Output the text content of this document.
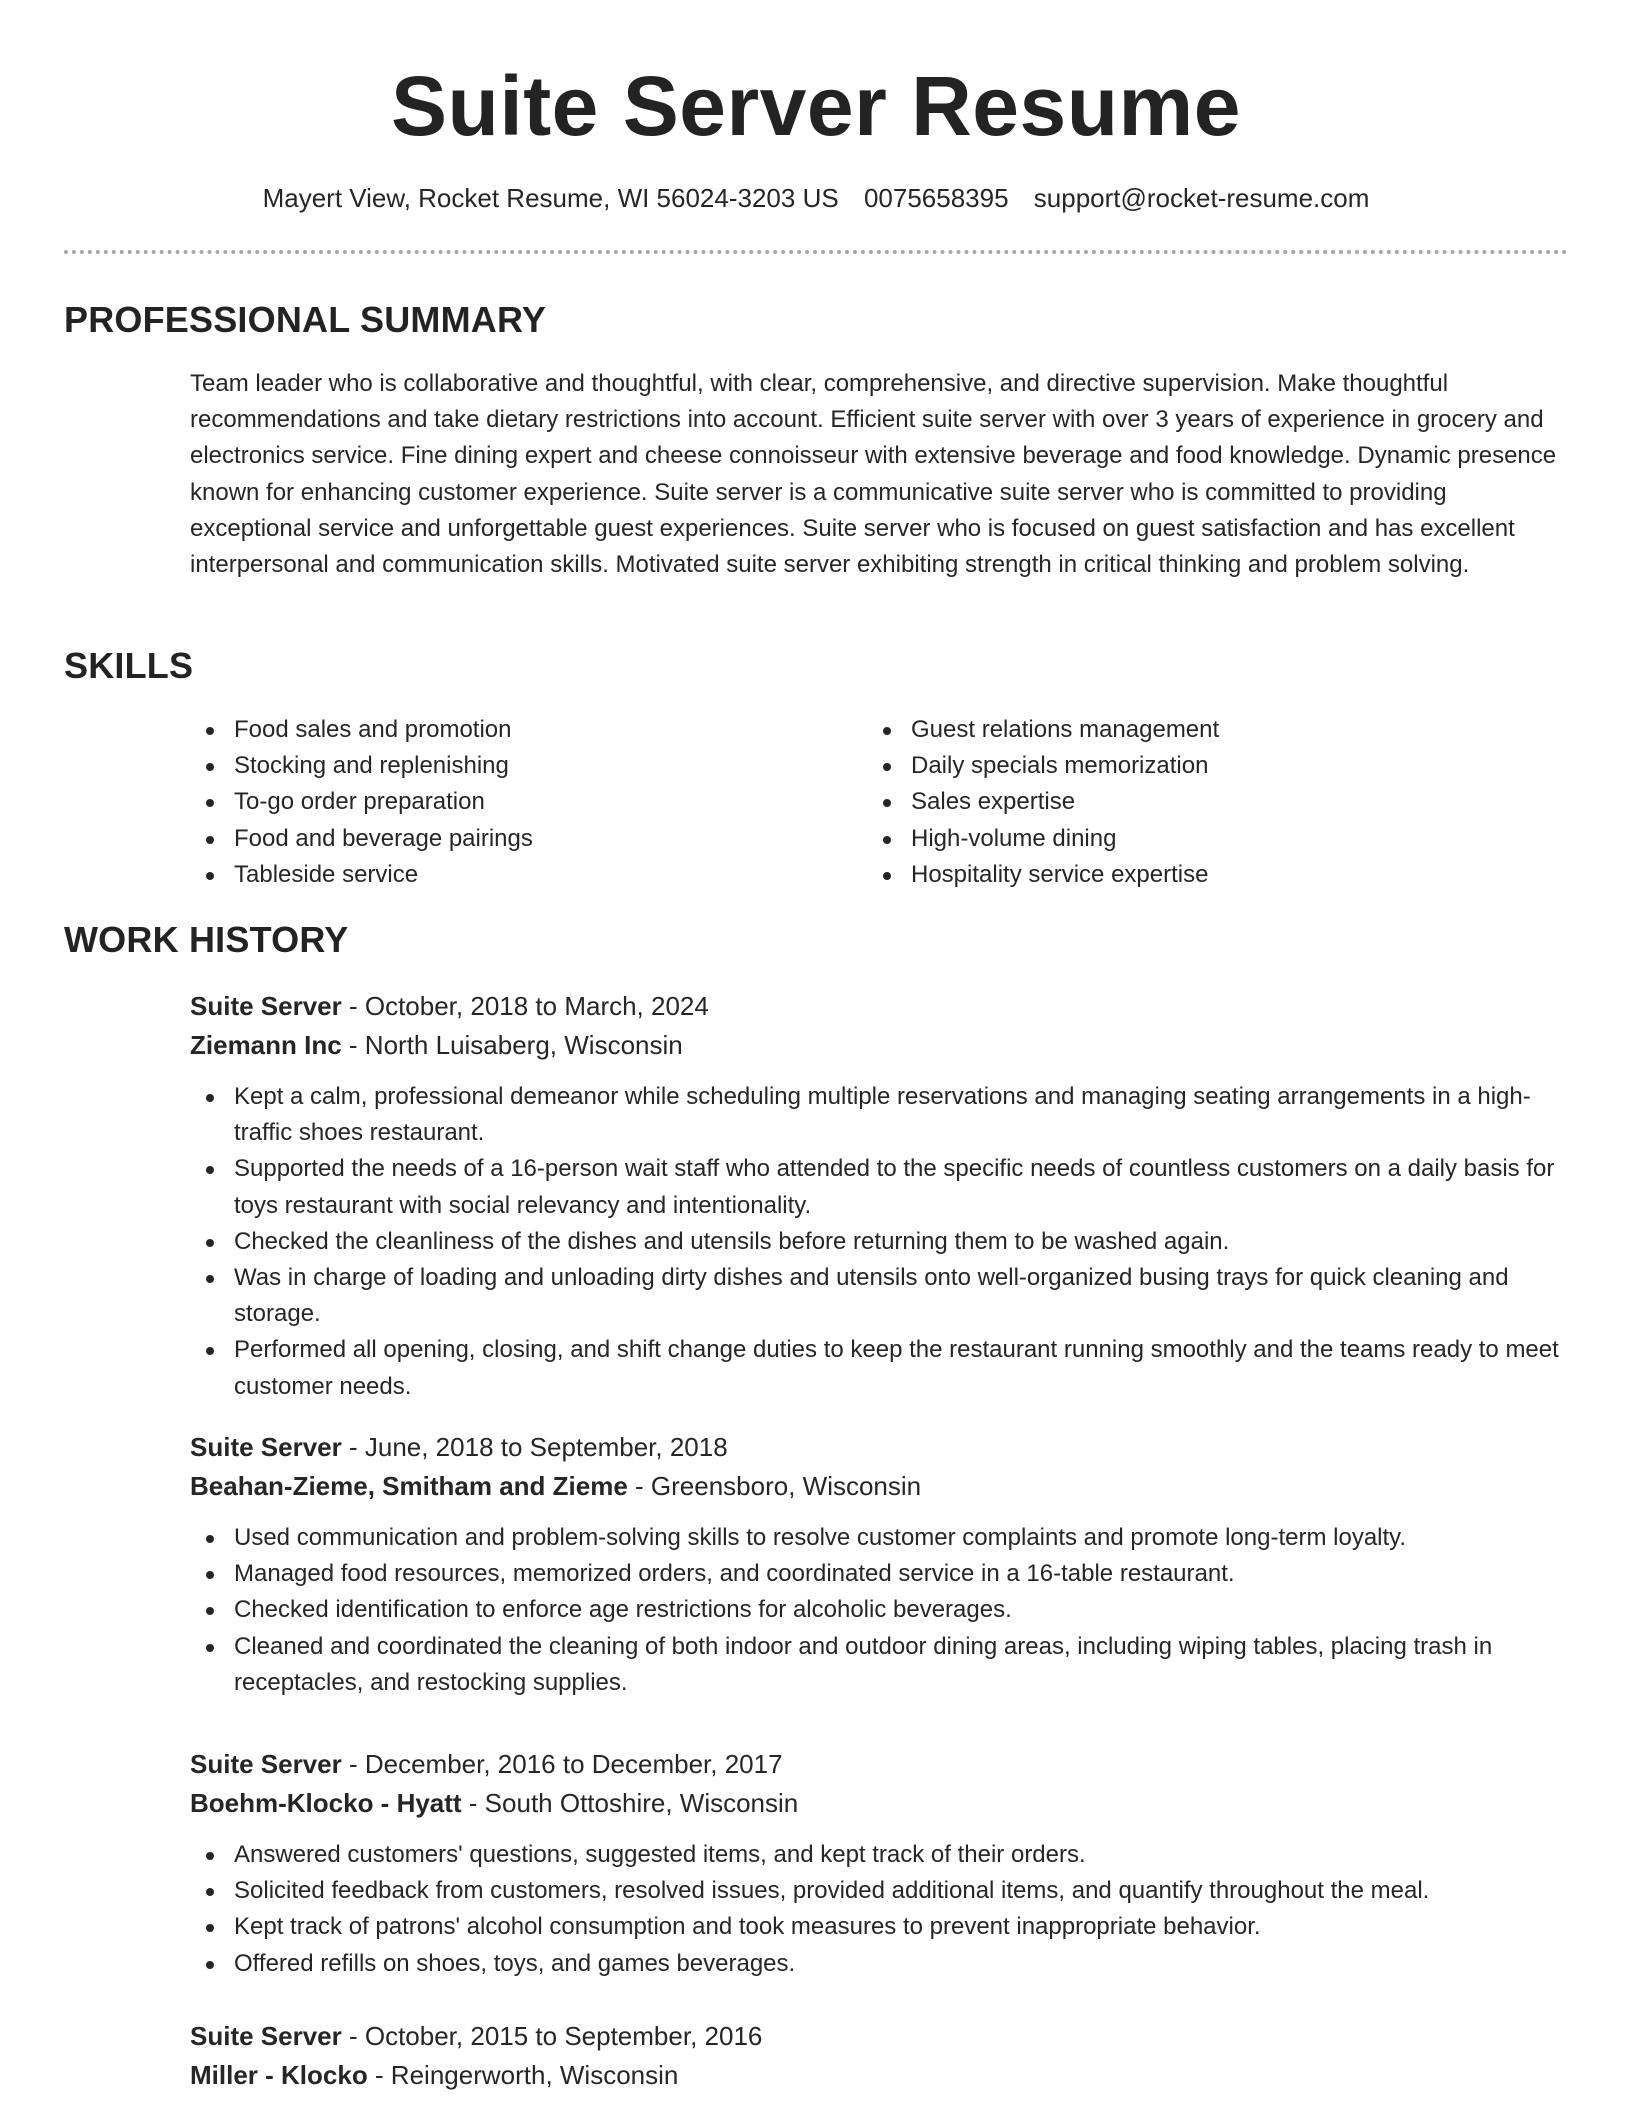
Suite Server Resume
Mayert View, Rocket Resume, WI 56024-3203 US 0075658395 support@rocket-resume.com
PROFESSIONAL SUMMARY

Team leader who is collaborative and thoughtful, with clear, comprehensive, and directive supervision. Make thoughtful recommendations and take dietary restrictions into account. Efficient suite server with over 3 years of experience in grocery and electronics service. Fine dining expert and cheese connoisseur with extensive beverage and food knowledge. Dynamic presence known for enhancing customer experience. Suite server is a communicative suite server who is committed to providing exceptional service and unforgettable guest experiences. Suite server who is focused on guest satisfaction and has excellent interpersonal and communication skills. Motivated suite server exhibiting strength in critical thinking and problem solving.

SKILLS
Food sales and promotion
Stocking and replenishing
To-go order preparation
Food and beverage pairings
Tableside service
Guest relations management
Daily specials memorization
Sales expertise
High-volume dining
Hospitality service expertise
WORK HISTORY
Suite Server - October, 2018 to March, 2024
Ziemann Inc - North Luisaberg, Wisconsin
Kept a calm, professional demeanor while scheduling multiple reservations and managing seating arrangements in a high-traffic shoes restaurant.
Supported the needs of a 16-person wait staff who attended to the specific needs of countless customers on a daily basis for toys restaurant with social relevancy and intentionality.
Checked the cleanliness of the dishes and utensils before returning them to be washed again.
Was in charge of loading and unloading dirty dishes and utensils onto well-organized busing trays for quick cleaning and storage.
Performed all opening, closing, and shift change duties to keep the restaurant running smoothly and the teams ready to meet customer needs.
Suite Server - June, 2018 to September, 2018
Beahan-Zieme, Smitham and Zieme - Greensboro, Wisconsin
Used communication and problem-solving skills to resolve customer complaints and promote long-term loyalty.
Managed food resources, memorized orders, and coordinated service in a 16-table restaurant.
Checked identification to enforce age restrictions for alcoholic beverages.
Cleaned and coordinated the cleaning of both indoor and outdoor dining areas, including wiping tables, placing trash in receptacles, and restocking supplies.
Suite Server - December, 2016 to December, 2017
Boehm-Klocko - Hyatt - South Ottoshire, Wisconsin
Answered customers' questions, suggested items, and kept track of their orders.
Solicited feedback from customers, resolved issues, provided additional items, and quantify throughout the meal.
Kept track of patrons' alcohol consumption and took measures to prevent inappropriate behavior.
Offered refills on shoes, toys, and games beverages.
Suite Server - October, 2015 to September, 2016
Miller - Klocko - Reingerworth, Wisconsin
